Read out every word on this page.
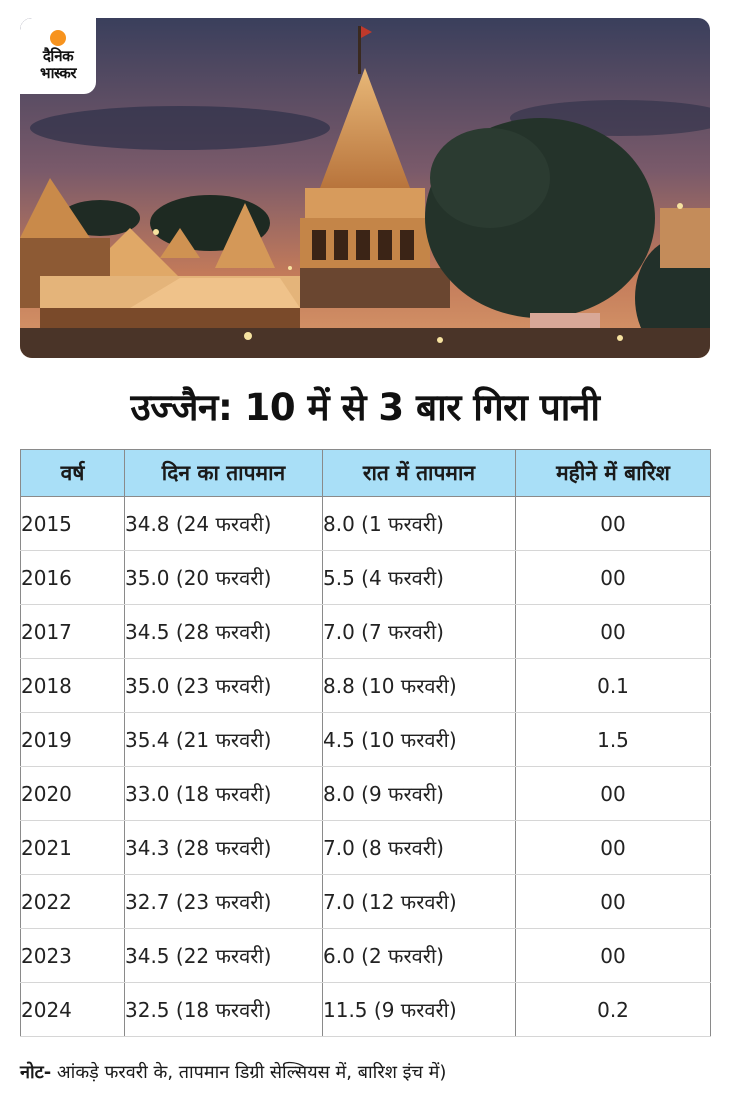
दैनिक
भास्कर
उज्जैन: 10 में से 3 बार गिरा पानी
वर्ष	दिन का तापमान	रात में तापमान	महीने में बारिश
2015	34.8 (24 फरवरी)	8.0 (1 फरवरी)	00
2016	35.0 (20 फरवरी)	5.5 (4 फरवरी)	00
2017	34.5 (28 फरवरी)	7.0 (7 फरवरी)	00
2018	35.0 (23 फरवरी)	8.8 (10 फरवरी)	0.1
2019	35.4 (21 फरवरी)	4.5 (10 फरवरी)	1.5
2020	33.0 (18 फरवरी)	8.0 (9 फरवरी)	00
2021	34.3 (28 फरवरी)	7.0 (8 फरवरी)	00
2022	32.7 (23 फरवरी)	7.0 (12 फरवरी)	00
2023	34.5 (22 फरवरी)	6.0 (2 फरवरी)	00
2024	32.5 (18 फरवरी)	11.5 (9 फरवरी)	0.2
नोट- आंकड़े फरवरी के, तापमान डिग्री सेल्सियस में, बारिश इंच में)
